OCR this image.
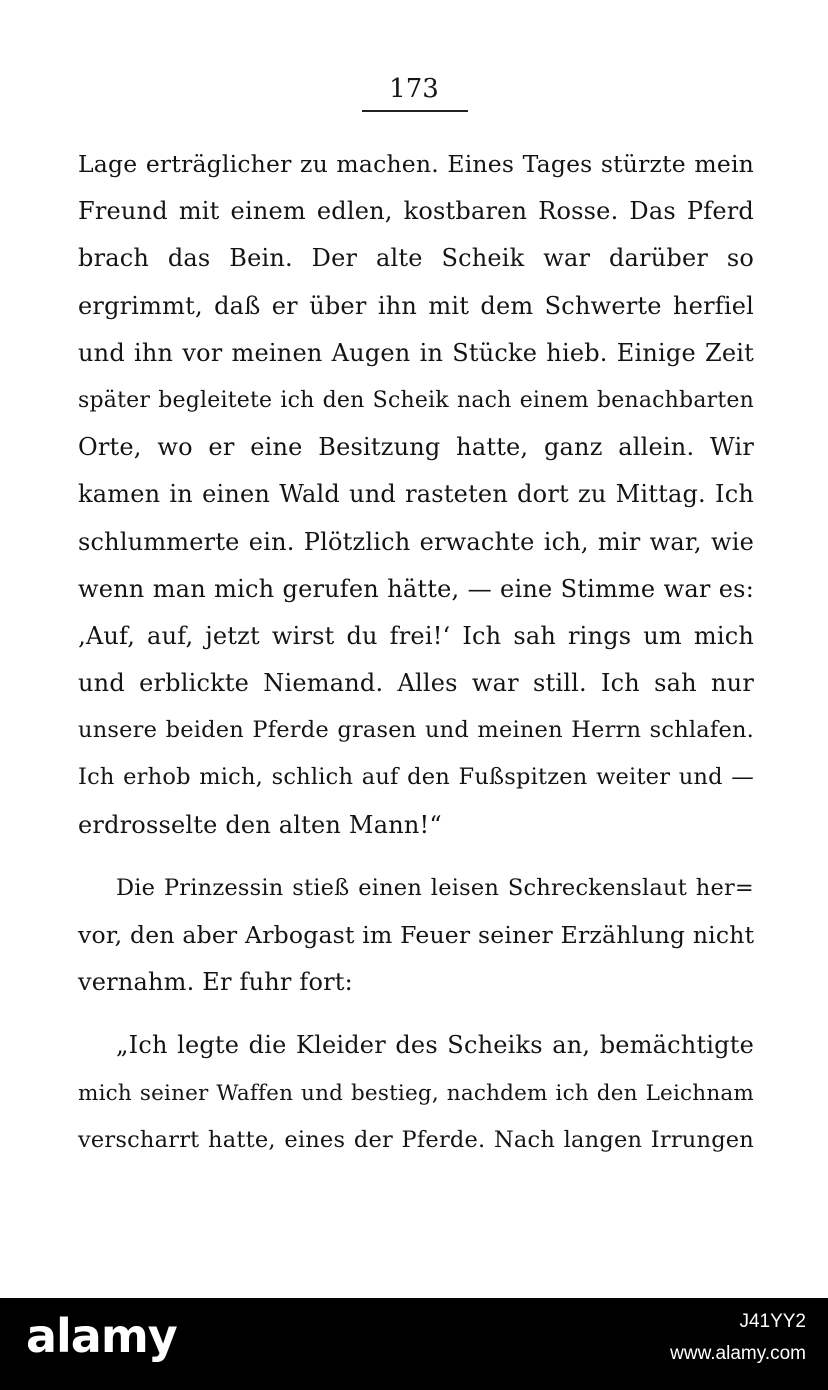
173
Lage erträglicher zu machen. Eines Tages stürzte mein
Freund mit einem edlen, kostbaren Rosse. Das Pferd
brach das Bein. Der alte Scheik war darüber so
ergrimmt, daß er über ihn mit dem Schwerte herfiel
und ihn vor meinen Augen in Stücke hieb. Einige Zeit
später begleitete ich den Scheik nach einem benachbarten
Orte, wo er eine Besitzung hatte, ganz allein. Wir
kamen in einen Wald und rasteten dort zu Mittag. Ich
schlummerte ein. Plötzlich erwachte ich, mir war, wie
wenn man mich gerufen hätte, — eine Stimme war es:
‚Auf, auf, jetzt wirst du frei!‘ Ich sah rings um mich
und erblickte Niemand. Alles war still. Ich sah nur
unsere beiden Pferde grasen und meinen Herrn schlafen.
Ich erhob mich, schlich auf den Fußspitzen weiter und —
erdrosselte den alten Mann!“
Die Prinzessin stieß einen leisen Schreckenslaut her=
vor, den aber Arbogast im Feuer seiner Erzählung nicht
vernahm. Er fuhr fort:
„Ich legte die Kleider des Scheiks an, bemächtigte
mich seiner Waffen und bestieg, nachdem ich den Leichnam
verscharrt hatte, eines der Pferde. Nach langen Irrungen
alamy	J41YY2
www.alamy.com
